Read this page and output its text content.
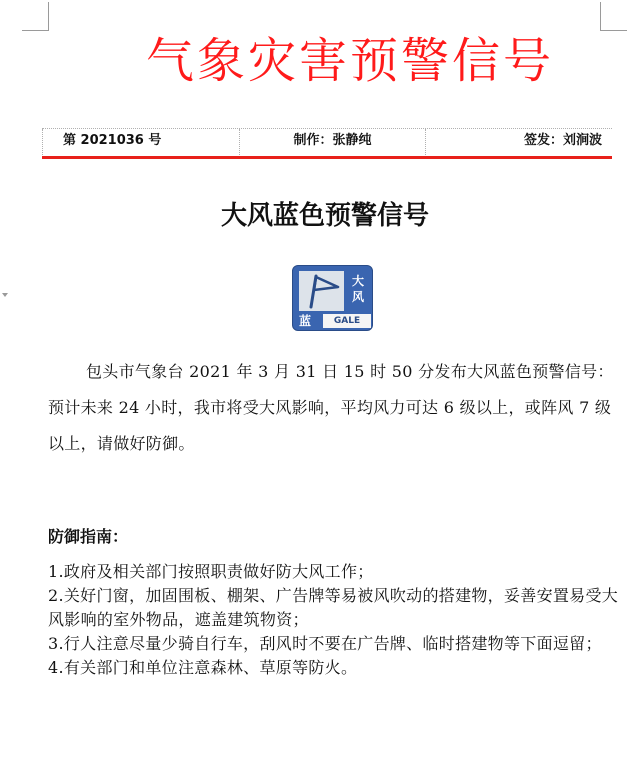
气象灾害预警信号
第 2021036 号	制作：张静纯	签发：刘涧波
大风蓝色预警信号
大
风
蓝	GALE

包头市气象台 2021 年 3 月 31 日 15 时 50 分发布大风蓝色预警信号：预计未来 24 小时，我市将受大风影响，平均风力可达 6 级以上，或阵风 7 级以上，请做好防御。

防御指南：
1.政府及相关部门按照职责做好防大风工作；
2.关好门窗，加固围板、棚架、广告牌等易被风吹动的搭建物，妥善安置易受大风影响的室外物品，遮盖建筑物资；
3.行人注意尽量少骑自行车，刮风时不要在广告牌、临时搭建物等下面逗留；
4.有关部门和单位注意森林、草原等防火。
